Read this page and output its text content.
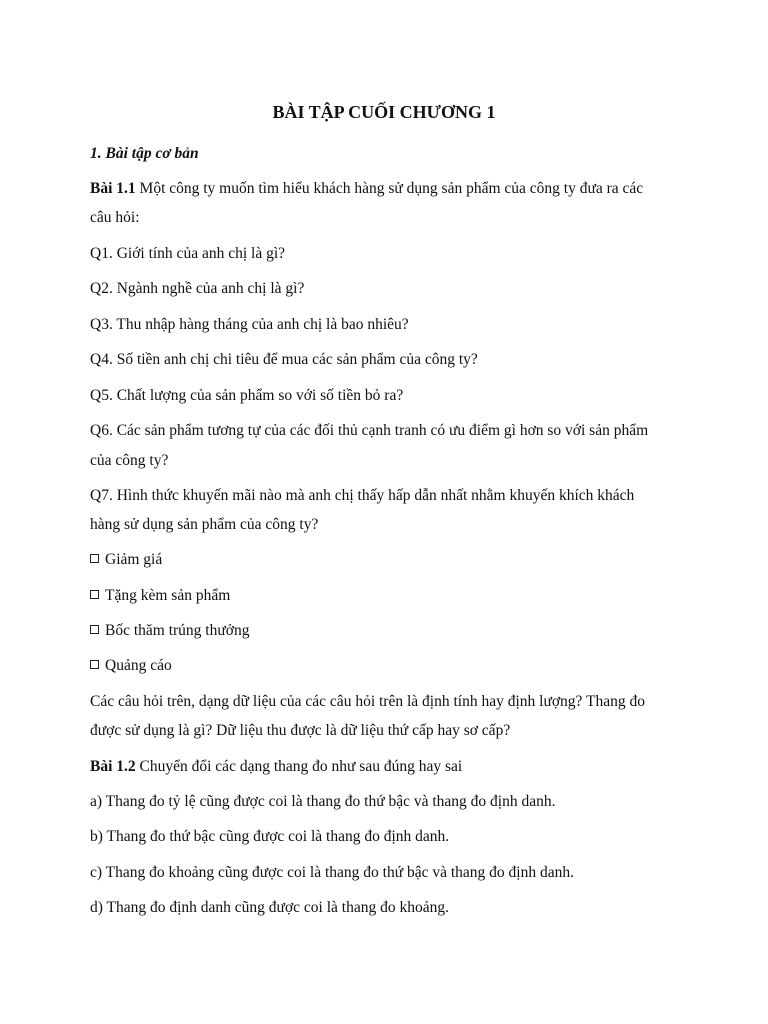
BÀI TẬP CUỐI CHƯƠNG 1

1. Bài tập cơ bản

Bài 1.1 Một công ty muốn tìm hiểu khách hàng sử dụng sản phẩm của công ty đưa ra các

câu hỏi:

Q1. Giới tính của anh chị là gì?

Q2. Ngành nghề của anh chị là gì?

Q3. Thu nhập hàng tháng của anh chị là bao nhiêu?

Q4. Số tiền anh chị chi tiêu để mua các sản phẩm của công ty?

Q5. Chất lượng của sản phẩm so với số tiền bỏ ra?

Q6. Các sản phẩm tương tự của các đối thủ cạnh tranh có ưu điểm gì hơn so với sản phẩm

của công ty?

Q7. Hình thức khuyến mãi nào mà anh chị thấy hấp dẫn nhất nhằm khuyến khích khách

hàng sử dụng sản phẩm của công ty?

Giảm giá

Tặng kèm sản phẩm

Bốc thăm trúng thưởng

Quảng cáo

Các câu hỏi trên, dạng dữ liệu của các câu hỏi trên là định tính hay định lượng? Thang đo

được sử dụng là gì? Dữ liệu thu được là dữ liệu thứ cấp hay sơ cấp?

Bài 1.2 Chuyển đổi các dạng thang đo như sau đúng hay sai

a) Thang đo tỷ lệ cũng được coi là thang đo thứ bậc và thang đo định danh.

b) Thang đo thứ bậc cũng được coi là thang đo định danh.

c) Thang đo khoảng cũng được coi là thang đo thứ bậc và thang đo định danh.

d) Thang đo định danh cũng được coi là thang đo khoảng.
